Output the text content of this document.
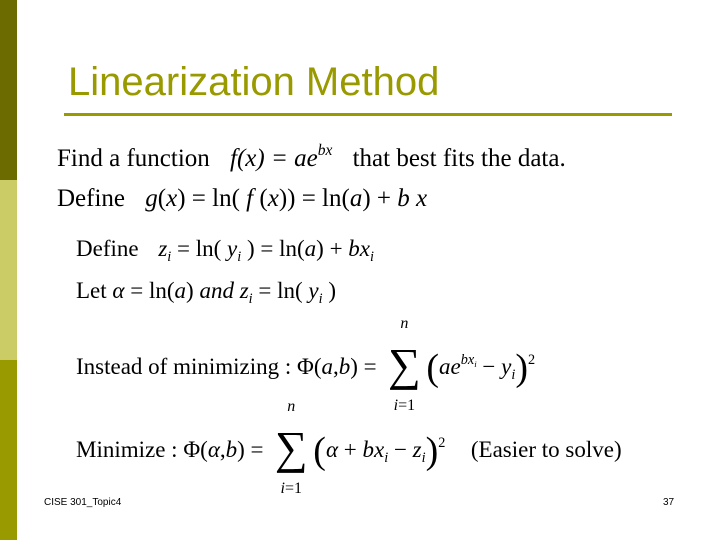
Linearization Method
Find a function $f(x) = ae^{bx}$ that best fits the data.
Define g(x) = ln( f (x)) = ln(a) + b x
Define $z_i = \ln$( $y_i$ ) = $\ln(a) + bx_i$
Let α = ln(a) and $z_i = \ln$( $y_i$ )
Instead of minimizing : Φ(a,b) =
n
∑
i=1
$(ae^{bx_i} - y_i)^2$
Minimize : Φ(α,b) =
n
∑
i=1
$(\alpha + bx_i - z_i)^2$ (Easier to solve)
CISE 301_Topic4	37
